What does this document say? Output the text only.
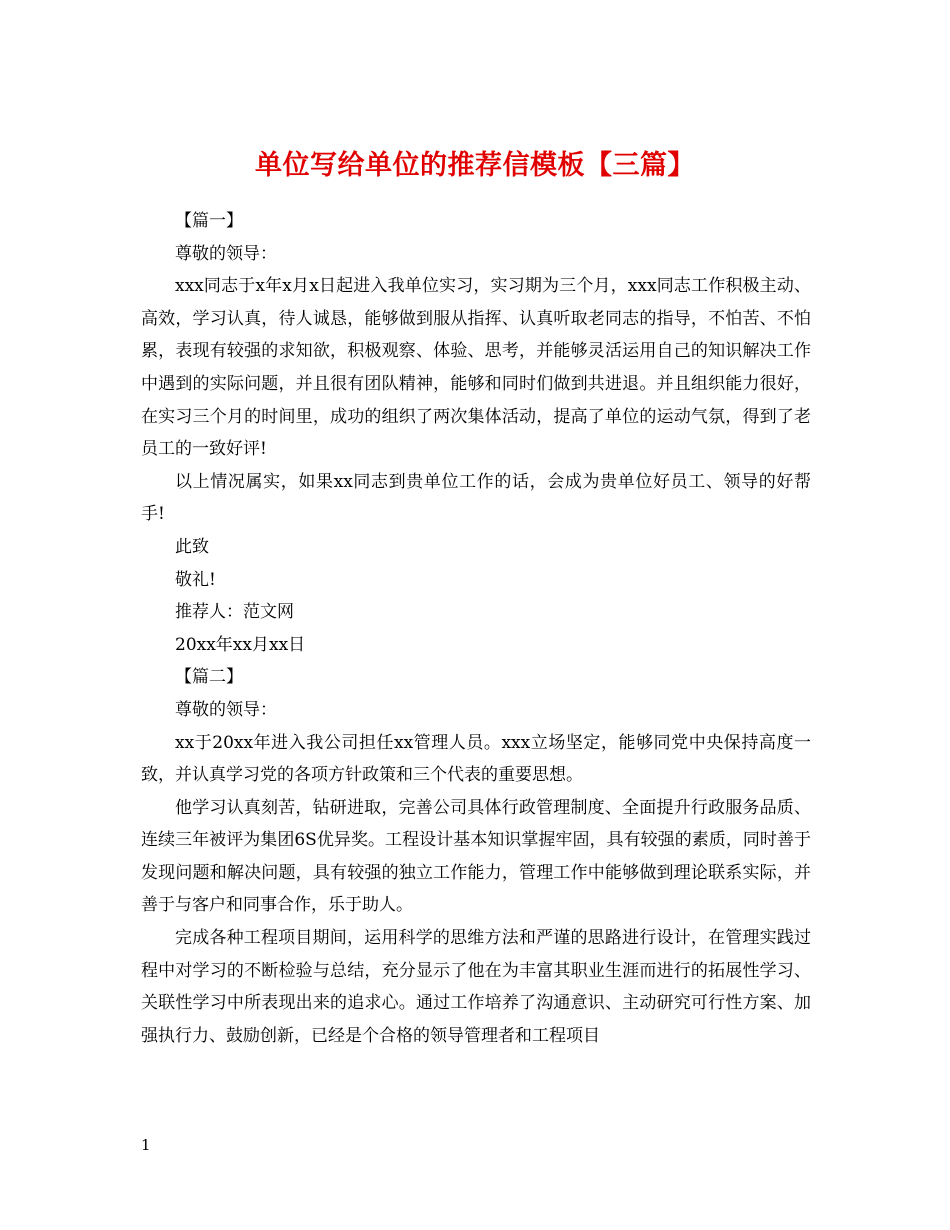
单位写给单位的推荐信模板【三篇】

【篇一】

尊敬的领导：

xxx同志于x年x月x日起进入我单位实习，实习期为三个月，xxx同志工作积极主动、高效，学习认真，待人诚恳，能够做到服从指挥、认真听取老同志的指导，不怕苦、不怕累，表现有较强的求知欲，积极观察、体验、思考，并能够灵活运用自己的知识解决工作中遇到的实际问题，并且很有团队精神，能够和同时们做到共进退。并且组织能力很好，在实习三个月的时间里，成功的组织了两次集体活动，提高了单位的运动气氛，得到了老员工的一致好评!

以上情况属实，如果xx同志到贵单位工作的话，会成为贵单位好员工、领导的好帮手!

此致

敬礼!

推荐人：范文网

20xx年xx月xx日

【篇二】

尊敬的领导：

xx于20xx年进入我公司担任xx管理人员。xxx立场坚定，能够同党中央保持高度一致，并认真学习党的各项方针政策和三个代表的重要思想。

他学习认真刻苦，钻研进取，完善公司具体行政管理制度、全面提升行政服务品质、连续三年被评为集团6S优异奖。工程设计基本知识掌握牢固，具有较强的素质，同时善于发现问题和解决问题，具有较强的独立工作能力，管理工作中能够做到理论联系实际，并善于与客户和同事合作，乐于助人。

完成各种工程项目期间，运用科学的思维方法和严谨的思路进行设计，在管理实践过程中对学习的不断检验与总结，充分显示了他在为丰富其职业生涯而进行的拓展性学习、关联性学习中所表现出来的追求心。通过工作培养了沟通意识、主动研究可行性方案、加强执行力、鼓励创新，已经是个合格的领导管理者和工程项目

1
